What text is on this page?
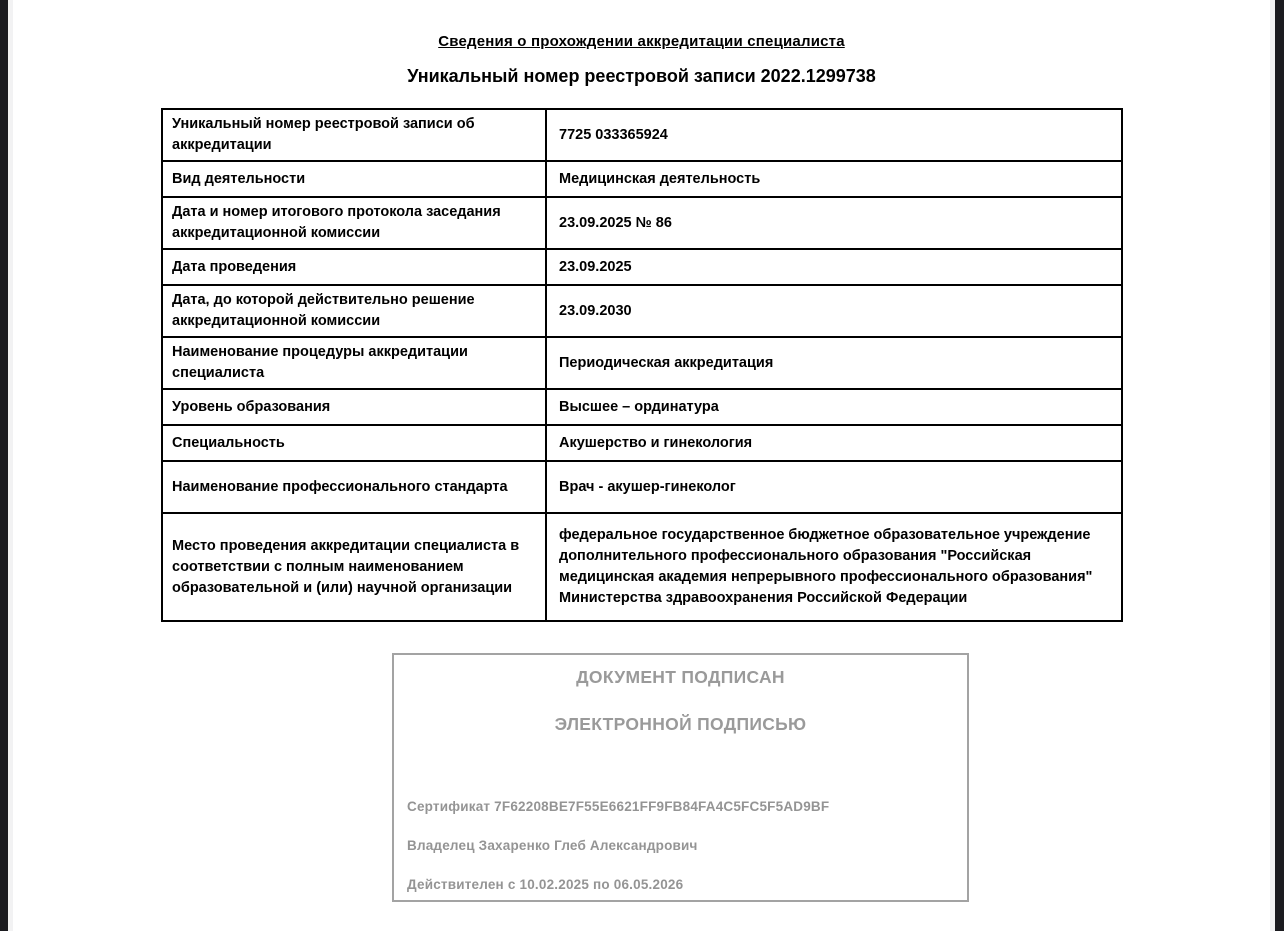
Сведения о прохождении аккредитации специалиста
Уникальный номер реестровой записи 2022.1299738
Уникальный номер реестровой записи об аккредитации	7725 033365924
Вид деятельности	Медицинская деятельность
Дата и номер итогового протокола заседания аккредитационной комиссии	23.09.2025 № 86
Дата проведения	23.09.2025
Дата, до которой действительно решение аккредитационной комиссии	23.09.2030
Наименование процедуры аккредитации специалиста	Периодическая аккредитация
Уровень образования	Высшее – ординатура
Специальность	Акушерство и гинекология
Наименование профессионального стандарта	Врач - акушер-гинеколог
Место проведения аккредитации специалиста в соответствии с полным наименованием образовательной и (или) научной организации	федеральное государственное бюджетное образовательное учреждение дополнительного профессионального образования "Российская медицинская академия непрерывного профессионального образования" Министерства здравоохранения Российской Федерации
ДОКУМЕНТ ПОДПИСАН
ЭЛЕКТРОННОЙ ПОДПИСЬЮ
Сертификат 7F62208BE7F55E6621FF9FB84FA4C5FC5F5AD9BF
Владелец Захаренко Глеб Александрович
Действителен с 10.02.2025 по 06.05.2026
